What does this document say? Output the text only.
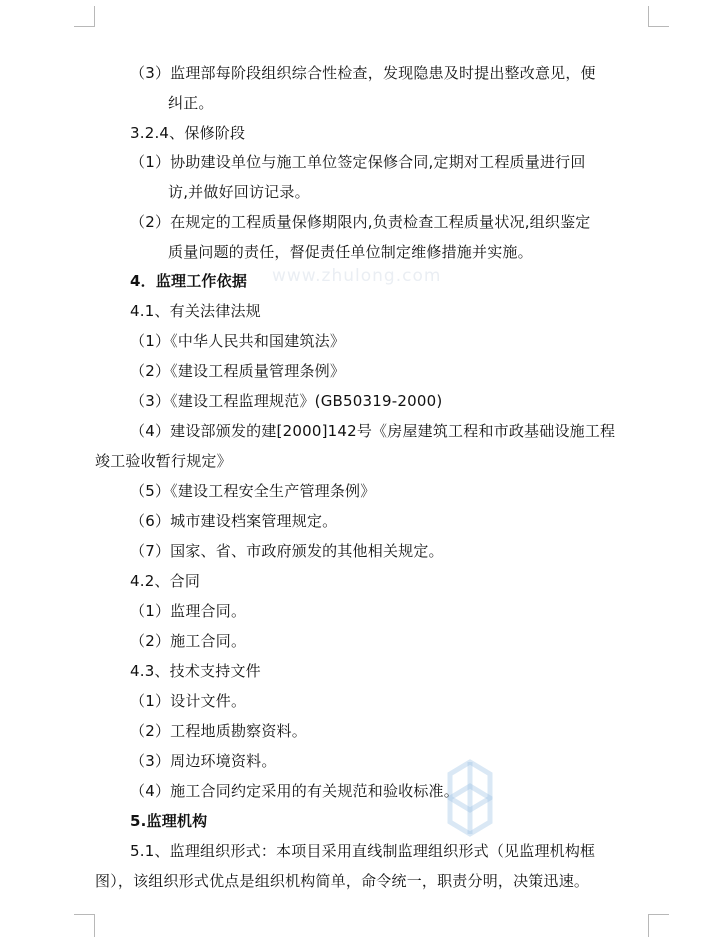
www.zhulong.com
（3）监理部每阶段组织综合性检查，发现隐患及时提出整改意见，便
纠正。
3.2.4、保修阶段
（1）协助建设单位与施工单位签定保修合同,定期对工程质量进行回
访,并做好回访记录。
（2）在规定的工程质量保修期限内,负责检查工程质量状况,组织鉴定
质量问题的责任，督促责任单位制定维修措施并实施。
4．监理工作依据
4.1、有关法律法规
（1）《中华人民共和国建筑法》
（2）《建设工程质量管理条例》
（3）《建设工程监理规范》(GB50319-2000)
（4）建设部颁发的建[2000]142号《房屋建筑工程和市政基础设施工程
竣工验收暂行规定》
（5）《建设工程安全生产管理条例》
（6）城市建设档案管理规定。
（7）国家、省、市政府颁发的其他相关规定。
4.2、合同
（1）监理合同。
（2）施工合同。
4.3、技术支持文件
（1）设计文件。
（2）工程地质勘察资料。
（3）周边环境资料。
（4）施工合同约定采用的有关规范和验收标准。
5.监理机构
5.1、监理组织形式：本项目采用直线制监理组织形式（见监理机构框
图），该组织形式优点是组织机构简单，命令统一，职责分明，决策迅速。
